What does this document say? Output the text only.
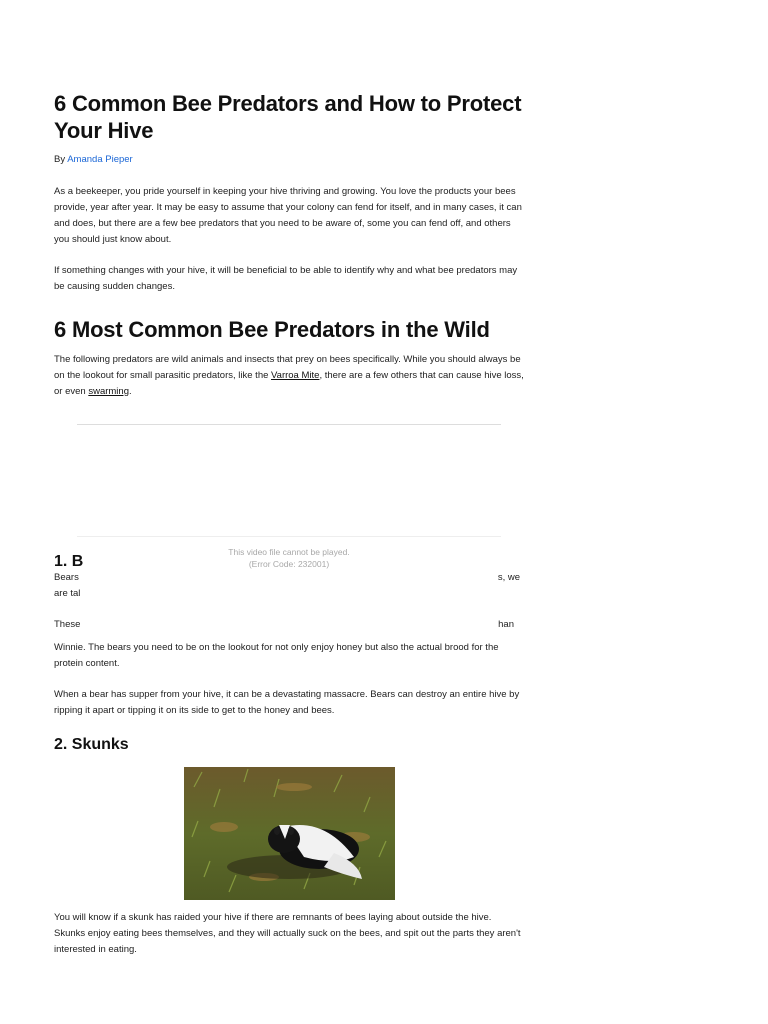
6 Common Bee Predators and How to Protect Your Hive
By Amanda Pieper

As a beekeeper, you pride yourself in keeping your hive thriving and growing. You love the products your bees provide, year after year. It may be easy to assume that your colony can fend for itself, and in many cases, it can and does, but there are a few bee predators that you need to be aware of, some you can fend off, and others you should just know about.

If something changes with your hive, it will be beneficial to be able to identify why and what bee predators may be causing sudden changes.

6 Most Common Bee Predators in the Wild

The following predators are wild animals and insects that prey on bees specifically. While you should always be on the lookout for small parasitic predators, like the Varroa Mite, there are a few others that can cause hive loss, or even swarming.

1. B
This video file cannot be played.
(Error Code: 232001)
Bears	s, we
are tal
These	han

Winnie. The bears you need to be on the lookout for not only enjoy honey but also the actual brood for the protein content.

When a bear has supper from your hive, it can be a devastating massacre. Bears can destroy an entire hive by ripping it apart or tipping it on its side to get to the honey and bees.

2. Skunks

You will know if a skunk has raided your hive if there are remnants of bees laying about outside the hive. Skunks enjoy eating bees themselves, and they will actually suck on the bees, and spit out the parts they aren't interested in eating.
